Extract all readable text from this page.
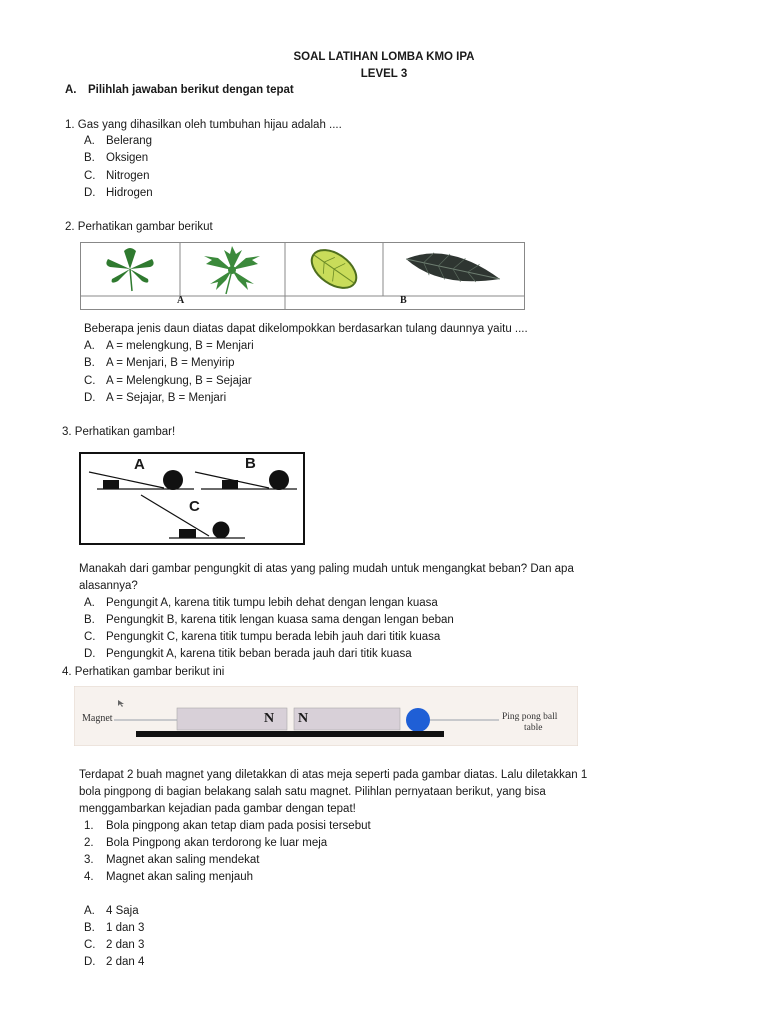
SOAL LATIHAN LOMBA KMO IPA
LEVEL 3
A. Pilihlah jawaban berikut dengan tepat
1. Gas yang dihasilkan oleh tumbuhan hijau adalah ....
A. Belerang
B. Oksigen
C. Nitrogen
D. Hidrogen
2. Perhatikan gambar berikut
A	B
Beberapa jenis daun diatas dapat dikelompokkan berdasarkan tulang daunnya yaitu ....
A. A = melengkung, B = Menjari
B. A = Menjari, B = Menyirip
C. A = Melengkung, B = Sejajar
D. A = Sejajar, B = Menjari
3. Perhatikan gambar!
A	B
C
Manakah dari gambar pengungkit di atas yang paling mudah untuk mengangkat beban? Dan apa
alasannya?
A. Pengungit A, karena titik tumpu lebih dehat dengan lengan kuasa
B. Pengungkit B, karena titik lengan kuasa sama dengan lengan beban
C. Pengungkit C, karena titik tumpu berada lebih jauh dari titik kuasa
D. Pengungkit A, karena titik beban berada jauh dari titik kuasa
4. Perhatikan gambar berikut ini
Magnet	N N	Ping pong ball
table
Terdapat 2 buah magnet yang diletakkan di atas meja seperti pada gambar diatas. Lalu diletakkan 1
bola pingpong di bagian belakang salah satu magnet. Pilihlan pernyataan berikut, yang bisa
menggambarkan kejadian pada gambar dengan tepat!
1. Bola pingpong akan tetap diam pada posisi tersebut
2. Bola Pingpong akan terdorong ke luar meja
3. Magnet akan saling mendekat
4. Magnet akan saling menjauh
A. 4 Saja
B. 1 dan 3
C. 2 dan 3
D. 2 dan 4
